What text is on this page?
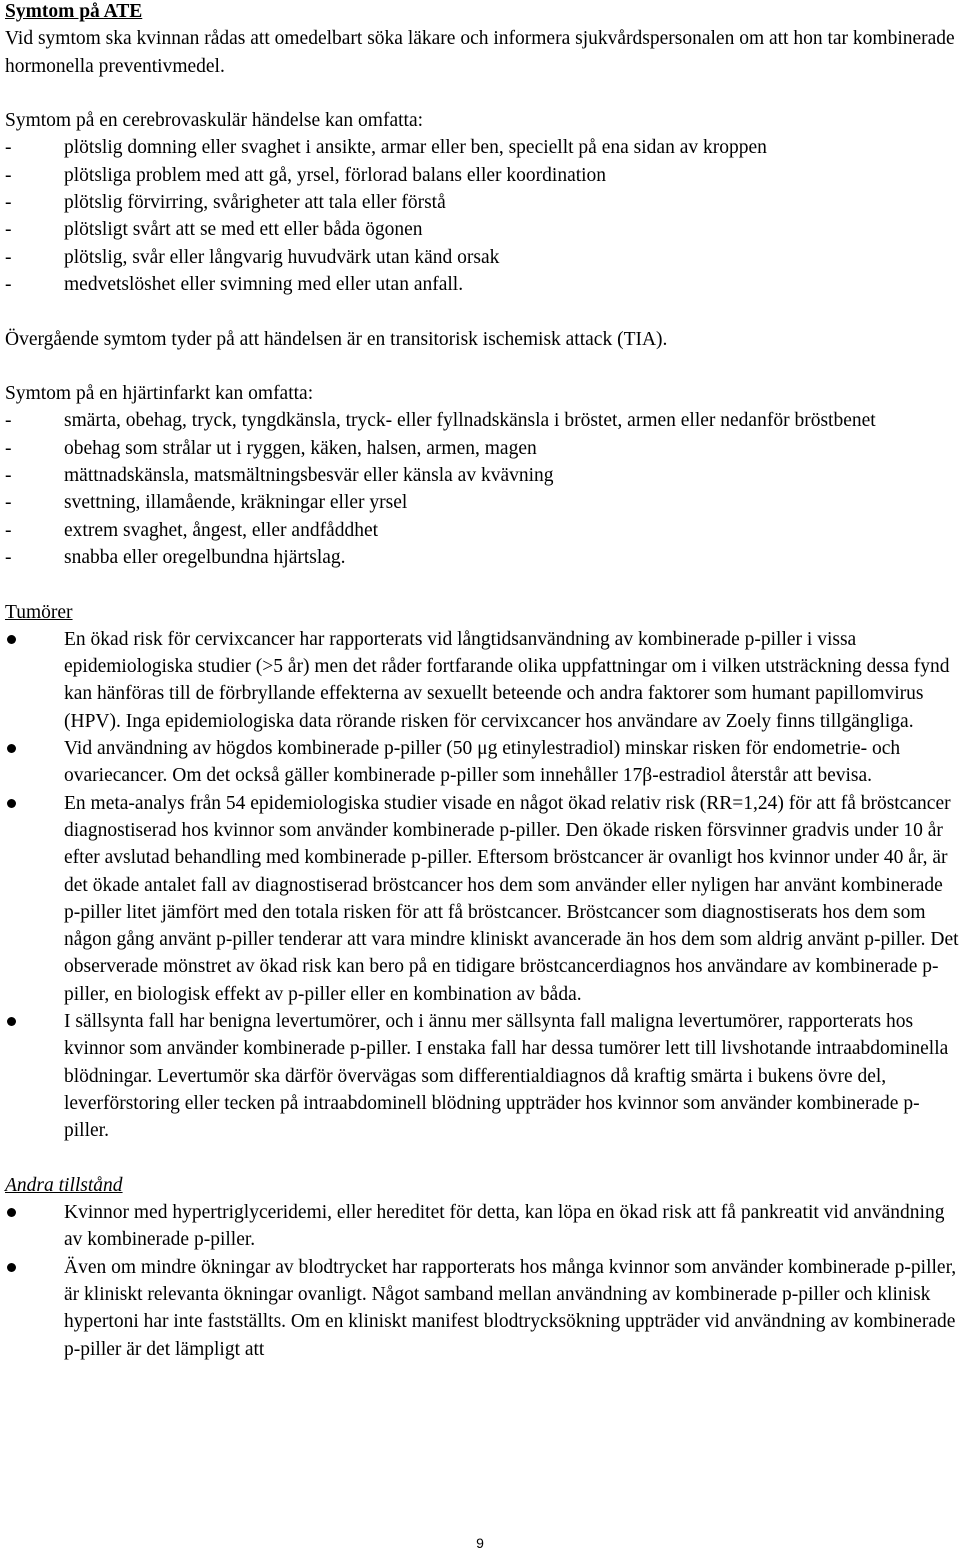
Symtom på ATE

Vid symtom ska kvinnan rådas att omedelbart söka läkare och informera sjukvårdspersonalen om att hon tar kombinerade hormonella preventivmedel.

Symtom på en cerebrovaskulär händelse kan omfatta:

-	plötslig domning eller svaghet i ansikte, armar eller ben, speciellt på ena sidan av kroppen
-	plötsliga problem med att gå, yrsel, förlorad balans eller koordination
-	plötslig förvirring, svårigheter att tala eller förstå
-	plötsligt svårt att se med ett eller båda ögonen
-	plötslig, svår eller långvarig huvudvärk utan känd orsak
-	medvetslöshet eller svimning med eller utan anfall.

Övergående symtom tyder på att händelsen är en transitorisk ischemisk attack (TIA).

Symtom på en hjärtinfarkt kan omfatta:

-	smärta, obehag, tryck, tyngdkänsla, tryck- eller fyllnadskänsla i bröstet, armen eller nedanför bröstbenet
-	obehag som strålar ut i ryggen, käken, halsen, armen, magen
-	mättnadskänsla, matsmältningsbesvär eller känsla av kvävning
-	svettning, illamående, kräkningar eller yrsel
-	extrem svaghet, ångest, eller andfåddhet
-	snabba eller oregelbundna hjärtslag.

Tumörer

En ökad risk för cervixcancer har rapporterats vid långtidsanvändning av kombinerade p-piller i vissa epidemiologiska studier (>5 år) men det råder fortfarande olika uppfattningar om i vilken utsträckning dessa fynd kan hänföras till de förbryllande effekterna av sexuellt beteende och andra faktorer som humant papillomvirus (HPV). Inga epidemiologiska data rörande risken för cervixcancer hos användare av Zoely finns tillgängliga.
Vid användning av högdos kombinerade p-piller (50 μg etinylestradiol) minskar risken för endometrie- och ovariecancer. Om det också gäller kombinerade p-piller som innehåller 17β-estradiol återstår att bevisa.
En meta-analys från 54 epidemiologiska studier visade en något ökad relativ risk (RR=1,24) för att få bröstcancer diagnostiserad hos kvinnor som använder kombinerade p-piller. Den ökade risken försvinner gradvis under 10 år efter avslutad behandling med kombinerade p-piller. Eftersom bröstcancer är ovanligt hos kvinnor under 40 år, är det ökade antalet fall av diagnostiserad bröstcancer hos dem som använder eller nyligen har använt kombinerade p-piller litet jämfört med den totala risken för att få bröstcancer. Bröstcancer som diagnostiserats hos dem som någon gång använt p-piller tenderar att vara mindre kliniskt avancerade än hos dem som aldrig använt p-piller. Det observerade mönstret av ökad risk kan bero på en tidigare bröstcancerdiagnos hos användare av kombinerade p-piller, en biologisk effekt av p-piller eller en kombination av båda.
I sällsynta fall har benigna levertumörer, och i ännu mer sällsynta fall maligna levertumörer, rapporterats hos kvinnor som använder kombinerade p-piller. I enstaka fall har dessa tumörer lett till livshotande intraabdominella blödningar. Levertumör ska därför övervägas som differentialdiagnos då kraftig smärta i bukens övre del, leverförstoring eller tecken på intraabdominell blödning uppträder hos kvinnor som använder kombinerade p-piller.

Andra tillstånd

Kvinnor med hypertriglyceridemi, eller hereditet för detta, kan löpa en ökad risk att få pankreatit vid användning av kombinerade p-piller.
Även om mindre ökningar av blodtrycket har rapporterats hos många kvinnor som använder kombinerade p-piller, är kliniskt relevanta ökningar ovanligt. Något samband mellan användning av kombinerade p-piller och klinisk hypertoni har inte fastställts. Om en kliniskt manifest blodtrycksökning uppträder vid användning av kombinerade p-piller är det lämpligt att
9
